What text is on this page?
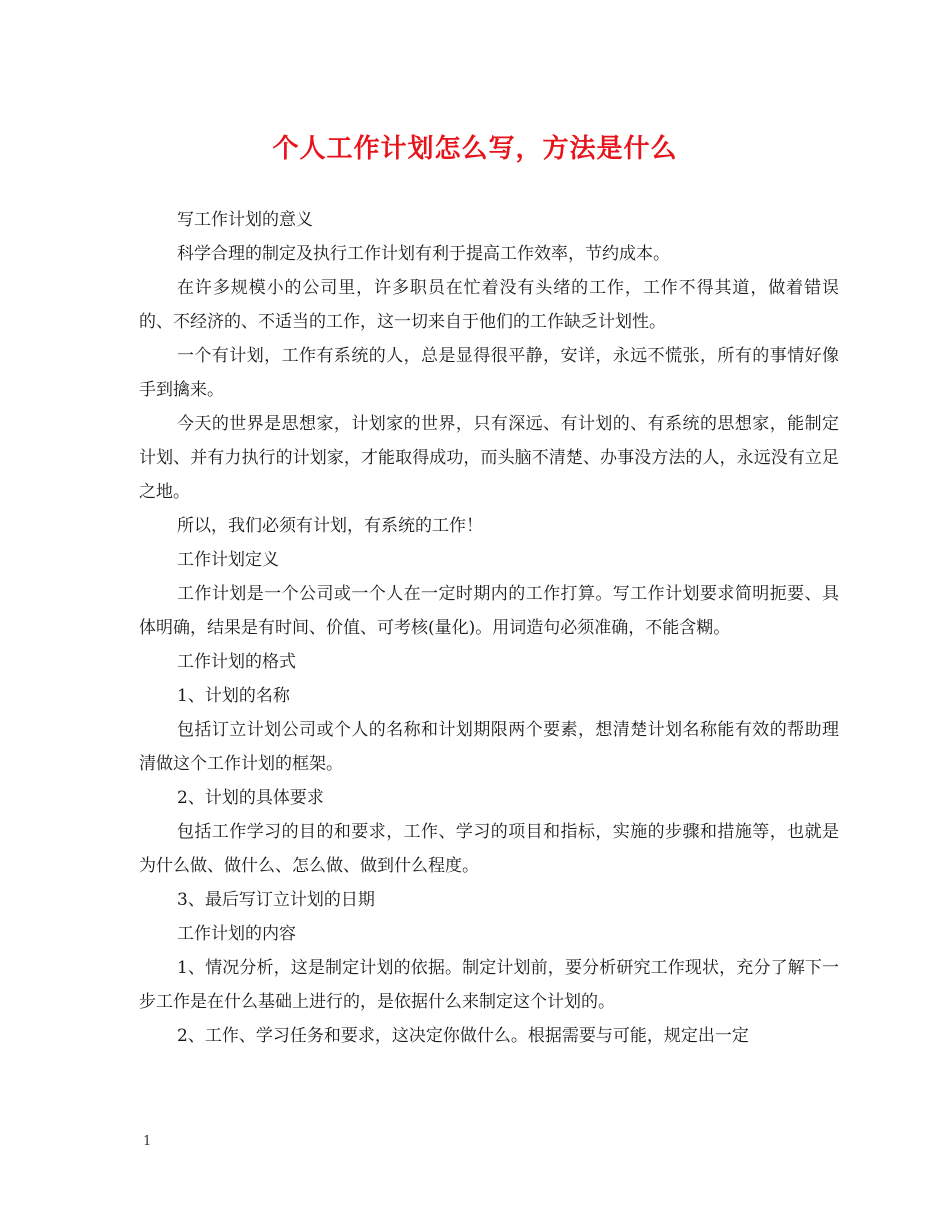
个人工作计划怎么写，方法是什么

写工作计划的意义

科学合理的制定及执行工作计划有利于提高工作效率，节约成本。

在许多规模小的公司里，许多职员在忙着没有头绪的工作，工作不得其道，做着错误的、不经济的、不适当的工作，这一切来自于他们的工作缺乏计划性。

一个有计划，工作有系统的人，总是显得很平静，安详，永远不慌张，所有的事情好像手到擒来。

今天的世界是思想家，计划家的世界，只有深远、有计划的、有系统的思想家，能制定计划、并有力执行的计划家，才能取得成功，而头脑不清楚、办事没方法的人，永远没有立足之地。

所以，我们必须有计划，有系统的工作！

工作计划定义

工作计划是一个公司或一个人在一定时期内的工作打算。写工作计划要求简明扼要、具体明确，结果是有时间、价值、可考核(量化)。用词造句必须准确，不能含糊。

工作计划的格式

1、计划的名称

包括订立计划公司或个人的名称和计划期限两个要素，想清楚计划名称能有效的帮助理清做这个工作计划的框架。

2、计划的具体要求

包括工作学习的目的和要求，工作、学习的项目和指标，实施的步骤和措施等，也就是为什么做、做什么、怎么做、做到什么程度。

3、最后写订立计划的日期

工作计划的内容

1、情况分析，这是制定计划的依据。制定计划前，要分析研究工作现状，充分了解下一步工作是在什么基础上进行的，是依据什么来制定这个计划的。

2、工作、学习任务和要求，这决定你做什么。根据需要与可能，规定出一定

1
